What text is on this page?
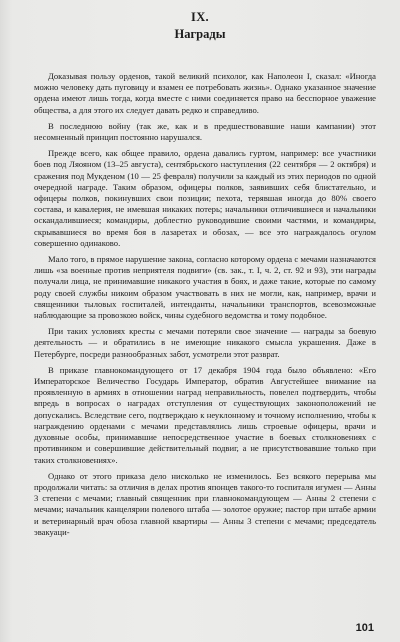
IX.
Награды

Доказывая пользу орденов, такой великий психолог, как Наполеон I, сказал: «Иногда можно человеку дать пуговицу и взамен ее потребовать жизнь». Однако указанное значение ордена имеют лишь тогда, когда вместе с ними соединяется право на бесспорное уважение общества, а для этого их следует давать редко и справедливо.

В последнюю войну (так же, как и в предшествовавшие наши кампании) этот несомненный принцип постоянно нарушался.

Прежде всего, как общее правило, ордена давались гуртом, например: все участники боев под Ляояном (13–25 августа), сентябрьского наступления (22 сентября — 2 октября) и сражения под Мукденом (10 — 25 февраля) получили за каждый из этих периодов по одной очередной награде. Таким образом, офицеры полков, заявивших себя блистательно, и офицеры полков, покинувших свои позиции; пехота, терявшая иногда до 80% своего состава, и кавалерия, не имевшая никаких потерь; начальники отличившиеся и начальники оскандалившиеся; командиры, доблестно руководившие своими частями, и командиры, скрывавшиеся во время боя в лазаретах и обозах, — все это награждалось огулом совершенно одинаково.

Мало того, в прямое нарушение закона, согласно которому ордена с мечами назначаются лишь «за военные против неприятеля подвиги» (св. зак., т. I, ч. 2, ст. 92 и 93), эти награды получали лица, не принимавшие никакого участия в боях, и даже такие, которые по самому роду своей службы никоим образом участвовать в них не могли, как, например, врачи и священники тыловых госпиталей, интенданты, начальники транспортов, всевозможные наблюдающие за провозкою войск, чины судебного ведомства и тому подобное.

При таких условиях кресты с мечами потеряли свое значение — награды за боевую деятельность — и обратились в не имеющие никакого смысла украшения. Даже в Петербурге, посреди разнообразных забот, усмотрели этот разврат.

В приказе главнокомандующего от 17 декабря 1904 года было объявлено: «Его Императорское Величество Государь Император, обратив Августейшее внимание на проявленную в армиях в отношении наград неправильность, повелел подтвердить, чтобы впредь в вопросах о наградах отступления от существующих законоположений не допускались. Вследствие сего, подтверждаю к неуклонному и точному исполнению, чтобы к награждению орденами с мечами представлялись лишь строевые офицеры, врачи и духовные особы, принимавшие непосредственное участие в боевых столкновениях с противником и совершившие действительный подвиг, а не присутствовавшие только при таких столкновениях».

Однако от этого приказа дело нисколько не изменилось. Без всякого перерыва мы продолжали читать: за отличия в делах против японцев такого-то госпиталя игумен — Анны 3 степени с мечами; главный священник при главнокомандующем — Анны 2 степени с мечами; начальник канцелярии полевого штаба — золотое оружие; пастор при штабе армии и ветеринарный врач обоза главной квартиры — Анны 3 степени с мечами; председатель эвакуаци-

101
